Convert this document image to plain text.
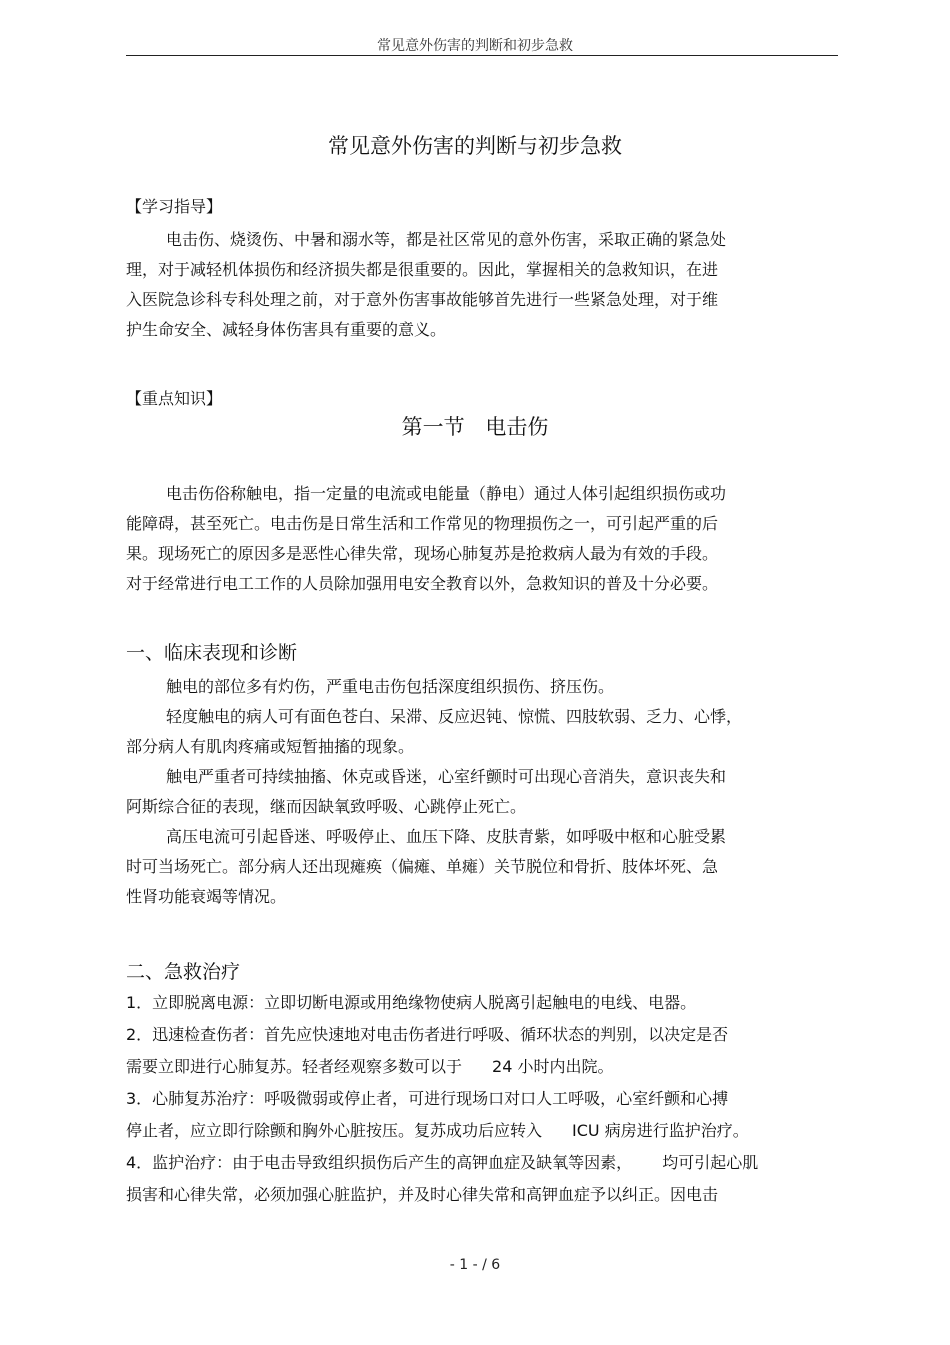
常见意外伤害的判断和初步急救
常见意外伤害的判断与初步急救
【学习指导】
电击伤、烧烫伤、中暑和溺水等，都是社区常见的意外伤害，采取正确的紧急处
理，对于减轻机体损伤和经济损失都是很重要的。因此，掌握相关的急救知识，在进
入医院急诊科专科处理之前，对于意外伤害事故能够首先进行一些紧急处理，对于维
护生命安全、减轻身体伤害具有重要的意义。
【重点知识】
第一节 电击伤
电击伤俗称触电，指一定量的电流或电能量（静电）通过人体引起组织损伤或功
能障碍，甚至死亡。电击伤是日常生活和工作常见的物理损伤之一，可引起严重的后
果。现场死亡的原因多是恶性心律失常，现场心肺复苏是抢救病人最为有效的手段。
对于经常进行电工工作的人员除加强用电安全教育以外，急救知识的普及十分必要。
一、临床表现和诊断
触电的部位多有灼伤，严重电击伤包括深度组织损伤、挤压伤。
轻度触电的病人可有面色苍白、呆滞、反应迟钝、惊慌、四肢软弱、乏力、心悸，
部分病人有肌肉疼痛或短暂抽搐的现象。
触电严重者可持续抽搐、休克或昏迷，心室纤颤时可出现心音消失，意识丧失和
阿斯综合征的表现，继而因缺氧致呼吸、心跳停止死亡。
高压电流可引起昏迷、呼吸停止、血压下降、皮肤青紫，如呼吸中枢和心脏受累
时可当场死亡。部分病人还出现瘫痪（偏瘫、单瘫）关节脱位和骨折、肢体坏死、急
性肾功能衰竭等情况。
二、急救治疗
1．立即脱离电源：立即切断电源或用绝缘物使病人脱离引起触电的电线、电器。
2．迅速检查伤者：首先应快速地对电击伤者进行呼吸、循环状态的判别，以决定是否
需要立即进行心肺复苏。轻者经观察多数可以于 24 小时内出院。
3．心肺复苏治疗：呼吸微弱或停止者，可进行现场口对口人工呼吸，心室纤颤和心搏
停止者，应立即行除颤和胸外心脏按压。复苏成功后应转入 ICU 病房进行监护治疗。
4．监护治疗：由于电击导致组织损伤后产生的高钾血症及缺氧等因素， 均可引起心肌
损害和心律失常，必须加强心脏监护，并及时心律失常和高钾血症予以纠正。因电击
- 1 - / 6
